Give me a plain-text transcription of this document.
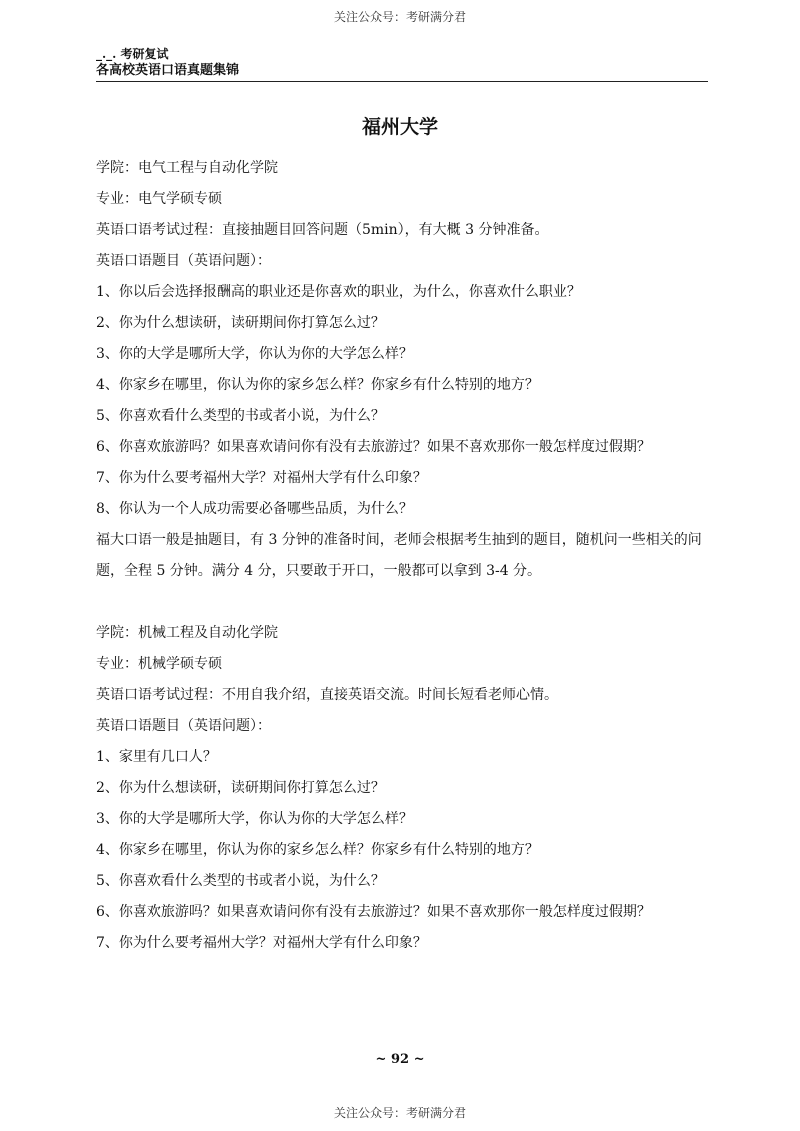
关注公众号：考研满分君
_._. 考研复试
各高校英语口语真题集锦
福州大学

学院：电气工程与自动化学院

专业：电气学硕专硕

英语口语考试过程：直接抽题目回答问题（5min），有大概 3 分钟准备。

英语口语题目（英语问题）：

1、你以后会选择报酬高的职业还是你喜欢的职业，为什么，你喜欢什么职业？

2、你为什么想读研，读研期间你打算怎么过？

3、你的大学是哪所大学，你认为你的大学怎么样？

4、你家乡在哪里，你认为你的家乡怎么样？你家乡有什么特别的地方？

5、你喜欢看什么类型的书或者小说，为什么？

6、你喜欢旅游吗？如果喜欢请问你有没有去旅游过？如果不喜欢那你一般怎样度过假期？

7、你为什么要考福州大学？对福州大学有什么印象？

8、你认为一个人成功需要必备哪些品质，为什么？

福大口语一般是抽题目，有 3 分钟的准备时间，老师会根据考生抽到的题目，随机问一些相关的问题，全程 5 分钟。满分 4 分，只要敢于开口，一般都可以拿到 3-4 分。

学院：机械工程及自动化学院

专业：机械学硕专硕

英语口语考试过程：不用自我介绍，直接英语交流。时间长短看老师心情。

英语口语题目（英语问题）：

1、家里有几口人？

2、你为什么想读研，读研期间你打算怎么过？

3、你的大学是哪所大学，你认为你的大学怎么样？

4、你家乡在哪里，你认为你的家乡怎么样？你家乡有什么特别的地方？

5、你喜欢看什么类型的书或者小说，为什么？

6、你喜欢旅游吗？如果喜欢请问你有没有去旅游过？如果不喜欢那你一般怎样度过假期？

7、你为什么要考福州大学？对福州大学有什么印象？

~ 92 ~
关注公众号：考研满分君
